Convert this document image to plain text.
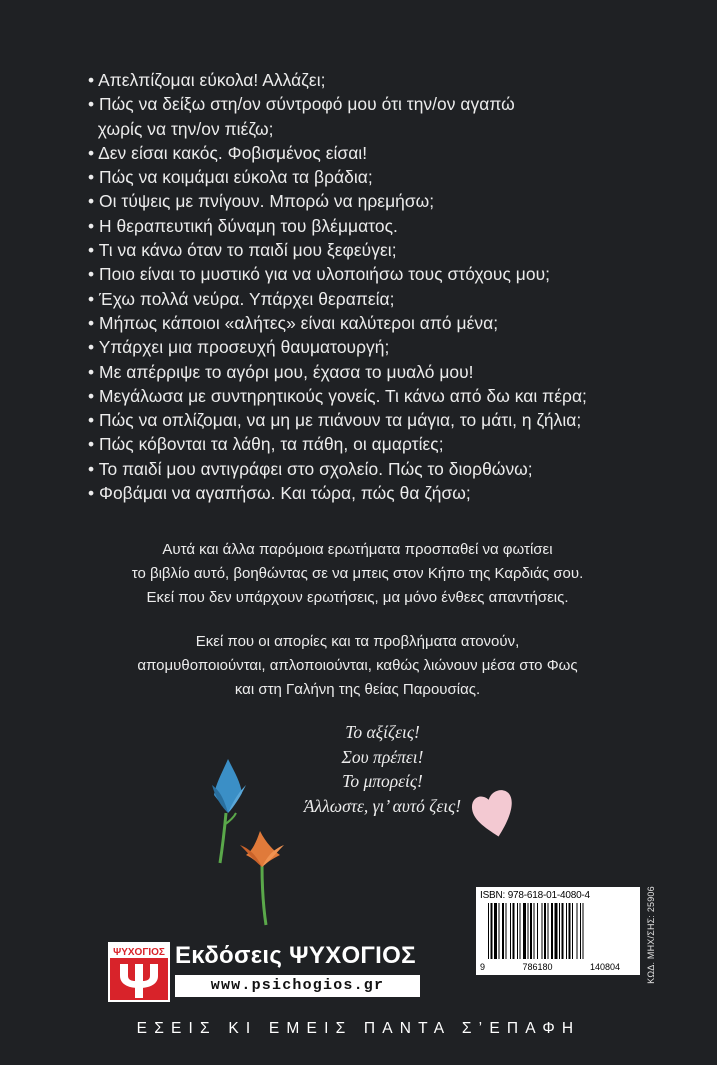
• Απελπίζομαι εύκολα! Αλλάζει;
• Πώς να δείξω στη/ον σύντροφό μου ότι την/ον αγαπώ
χωρίς να την/ον πιέζω;
• Δεν είσαι κακός. Φοβισμένος είσαι!
• Πώς να κοιμάμαι εύκολα τα βράδια;
• Οι τύψεις με πνίγουν. Μπορώ να ηρεμήσω;
• Η θεραπευτική δύναμη του βλέμματος.
• Τι να κάνω όταν το παιδί μου ξεφεύγει;
• Ποιο είναι το μυστικό για να υλοποιήσω τους στόχους μου;
• Έχω πολλά νεύρα. Υπάρχει θεραπεία;
• Μήπως κάποιοι «αλήτες» είναι καλύτεροι από μένα;
• Υπάρχει μια προσευχή θαυματουργή;
• Με απέρριψε το αγόρι μου, έχασα το μυαλό μου!
• Μεγάλωσα με συντηρητικούς γονείς. Τι κάνω από δω και πέρα;
• Πώς να οπλίζομαι, να μη με πιάνουν τα μάγια, το μάτι, η ζήλια;
• Πώς κόβονται τα λάθη, τα πάθη, οι αμαρτίες;
• Το παιδί μου αντιγράφει στο σχολείο. Πώς το διορθώνω;
• Φοβάμαι να αγαπήσω. Και τώρα, πώς θα ζήσω;

Αυτά και άλλα παρόμοια ερωτήματα προσπαθεί να φωτίσει
το βιβλίο αυτό, βοηθώντας σε να μπεις στον Κήπο της Καρδιάς σου.
Εκεί που δεν υπάρχουν ερωτήσεις, μα μόνο ένθεες απαντήσεις.

Εκεί που οι απορίες και τα προβλήματα ατονούν,
απομυθοποιούνται, απλοποιούνται, καθώς λιώνουν μέσα στο Φως
και στη Γαλήνη της θείας Παρουσίας.

Το αξίζεις!
Σου πρέπει!
Το μπορείς!
Άλλωστε, γι’ αυτό ζεις!
ISBN: 978-618-01-4080-4
9	786180	140804	ΚΩΔ. ΜΗΧ/ΣΗΣ: 25906
ΨΥΧΟΓΙΟΣ Εκδόσεις ΨΥΧΟΓΙΟΣ
www.psichogios.gr
ΕΣΕΙΣ ΚΙ ΕΜΕΙΣ ΠΑΝΤΑ Σ’ΕΠΑΦΗ
